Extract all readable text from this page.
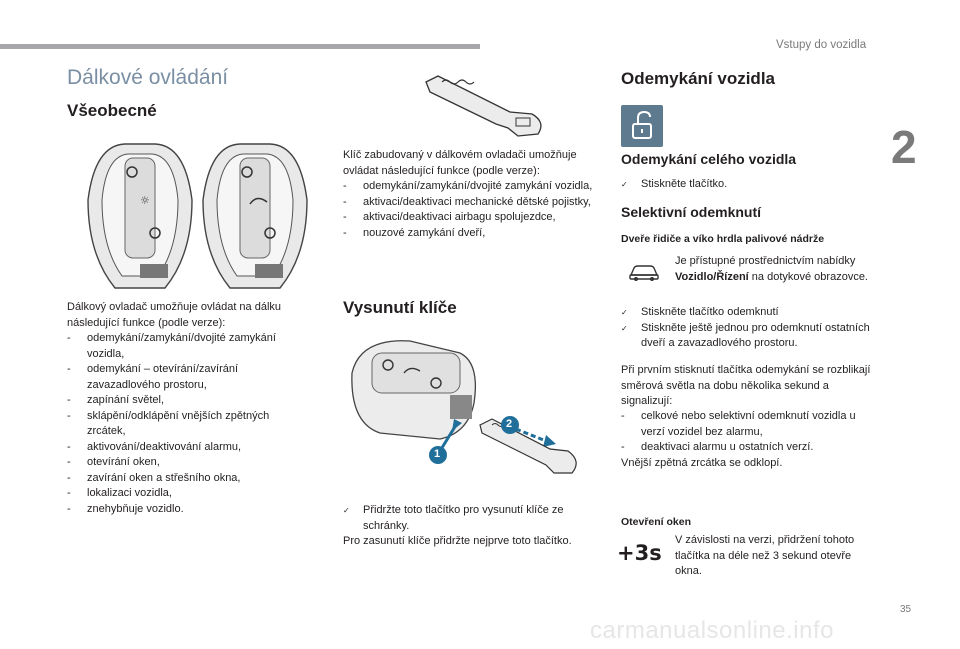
Vstupy do vozidla
2
Dálkové ovládání
Všeobecné
☼
Dálkový ovladač umožňuje ovládat na dálku následující funkce (podle verze):
- odemykání/zamykání/dvojité zamykání vozidla,
- odemykání – otevírání/zavírání zavazadlového prostoru,
- zapínání světel,
- sklápění/odklápění vnějších zpětných zrcátek,
- aktivování/deaktivování alarmu,
- otevírání oken,
- zavírání oken a střešního okna,
- lokalizaci vozidla,
- znehybňuje vozidlo.
Klíč zabudovaný v dálkovém ovladači umožňuje ovládat následující funkce (podle verze):
- odemykání/zamykání/dvojité zamykání vozidla,
- aktivaci/deaktivaci mechanické dětské pojistky,
- aktivaci/deaktivaci airbagu spolujezdce,
- nouzové zamykání dveří,
Vysunutí klíče
1
2
✓ Přidržte toto tlačítko pro vysunutí klíče ze schránky.
Pro zasunutí klíče přidržte nejprve toto tlačítko.
Odemykání vozidla
Odemykání celého vozidla
✓ Stiskněte tlačítko.
Selektivní odemknutí
Dveře řidiče a víko hrdla palivové nádrže
Je přístupné prostřednictvím nabídky Vozidlo/Řízení na dotykové obrazovce.
✓ Stiskněte tlačítko odemknutí
✓ Stiskněte ještě jednou pro odemknutí ostatních dveří a zavazadlového prostoru.
Při prvním stisknutí tlačítka odemykání se rozblikají směrová světla na dobu několika sekund a signalizují:
- celkové nebo selektivní odemknutí vozidla u verzí vozidel bez alarmu,
- deaktivaci alarmu u ostatních verzí.
Vnější zpětná zrcátka se odklopí.
Otevření oken
+3s
V závislosti na verzi, přidržení tohoto tlačítka na déle než 3 sekund otevře okna.
35
carmanualsonline.info
